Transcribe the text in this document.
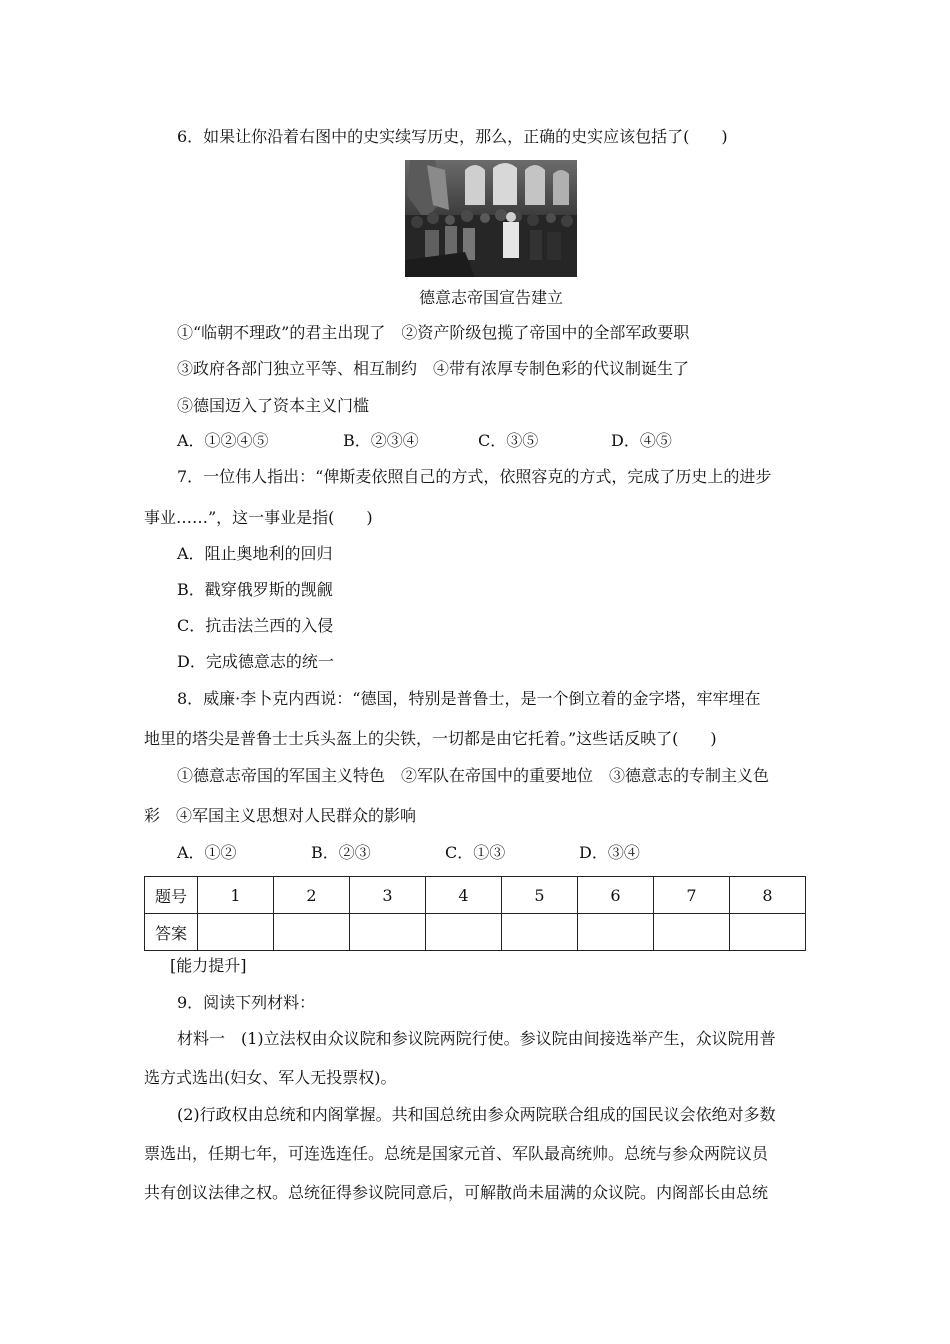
6．如果让你沿着右图中的史实续写历史，那么，正确的史实应该包括了(　　)
德意志帝国宣告建立
①“临朝不理政”的君主出现了　②资产阶级包揽了帝国中的全部军政要职
③政府各部门独立平等、相互制约　④带有浓厚专制色彩的代议制诞生了
⑤德国迈入了资本主义门槛
A．①②④⑤	B．②③④	C．③⑤	D．④⑤
7．一位伟人指出：“俾斯麦依照自己的方式，依照容克的方式，完成了历史上的进步
事业……”，这一事业是指(　　)
A．阻止奥地利的回归
B．戳穿俄罗斯的觊觎
C．抗击法兰西的入侵
D．完成德意志的统一
8．威廉·李卜克内西说：“德国，特别是普鲁士，是一个倒立着的金字塔，牢牢埋在
地里的塔尖是普鲁士士兵头盔上的尖铁，一切都是由它托着。”这些话反映了(　　)
①德意志帝国的军国主义特色　②军队在帝国中的重要地位　③德意志的专制主义色
彩　④军国主义思想对人民群众的影响
A．①②	B．②③	C．①③	D．③④
题号	1	2	3	4	5	6	7	8
答案								
[能力提升]
9．阅读下列材料：
材料一　(1)立法权由众议院和参议院两院行使。参议院由间接选举产生，众议院用普
选方式选出(妇女、军人无投票权)。
(2)行政权由总统和内阁掌握。共和国总统由参众两院联合组成的国民议会依绝对多数
票选出，任期七年，可连选连任。总统是国家元首、军队最高统帅。总统与参众两院议员
共有创议法律之权。总统征得参议院同意后，可解散尚未届满的众议院。内阁部长由总统
